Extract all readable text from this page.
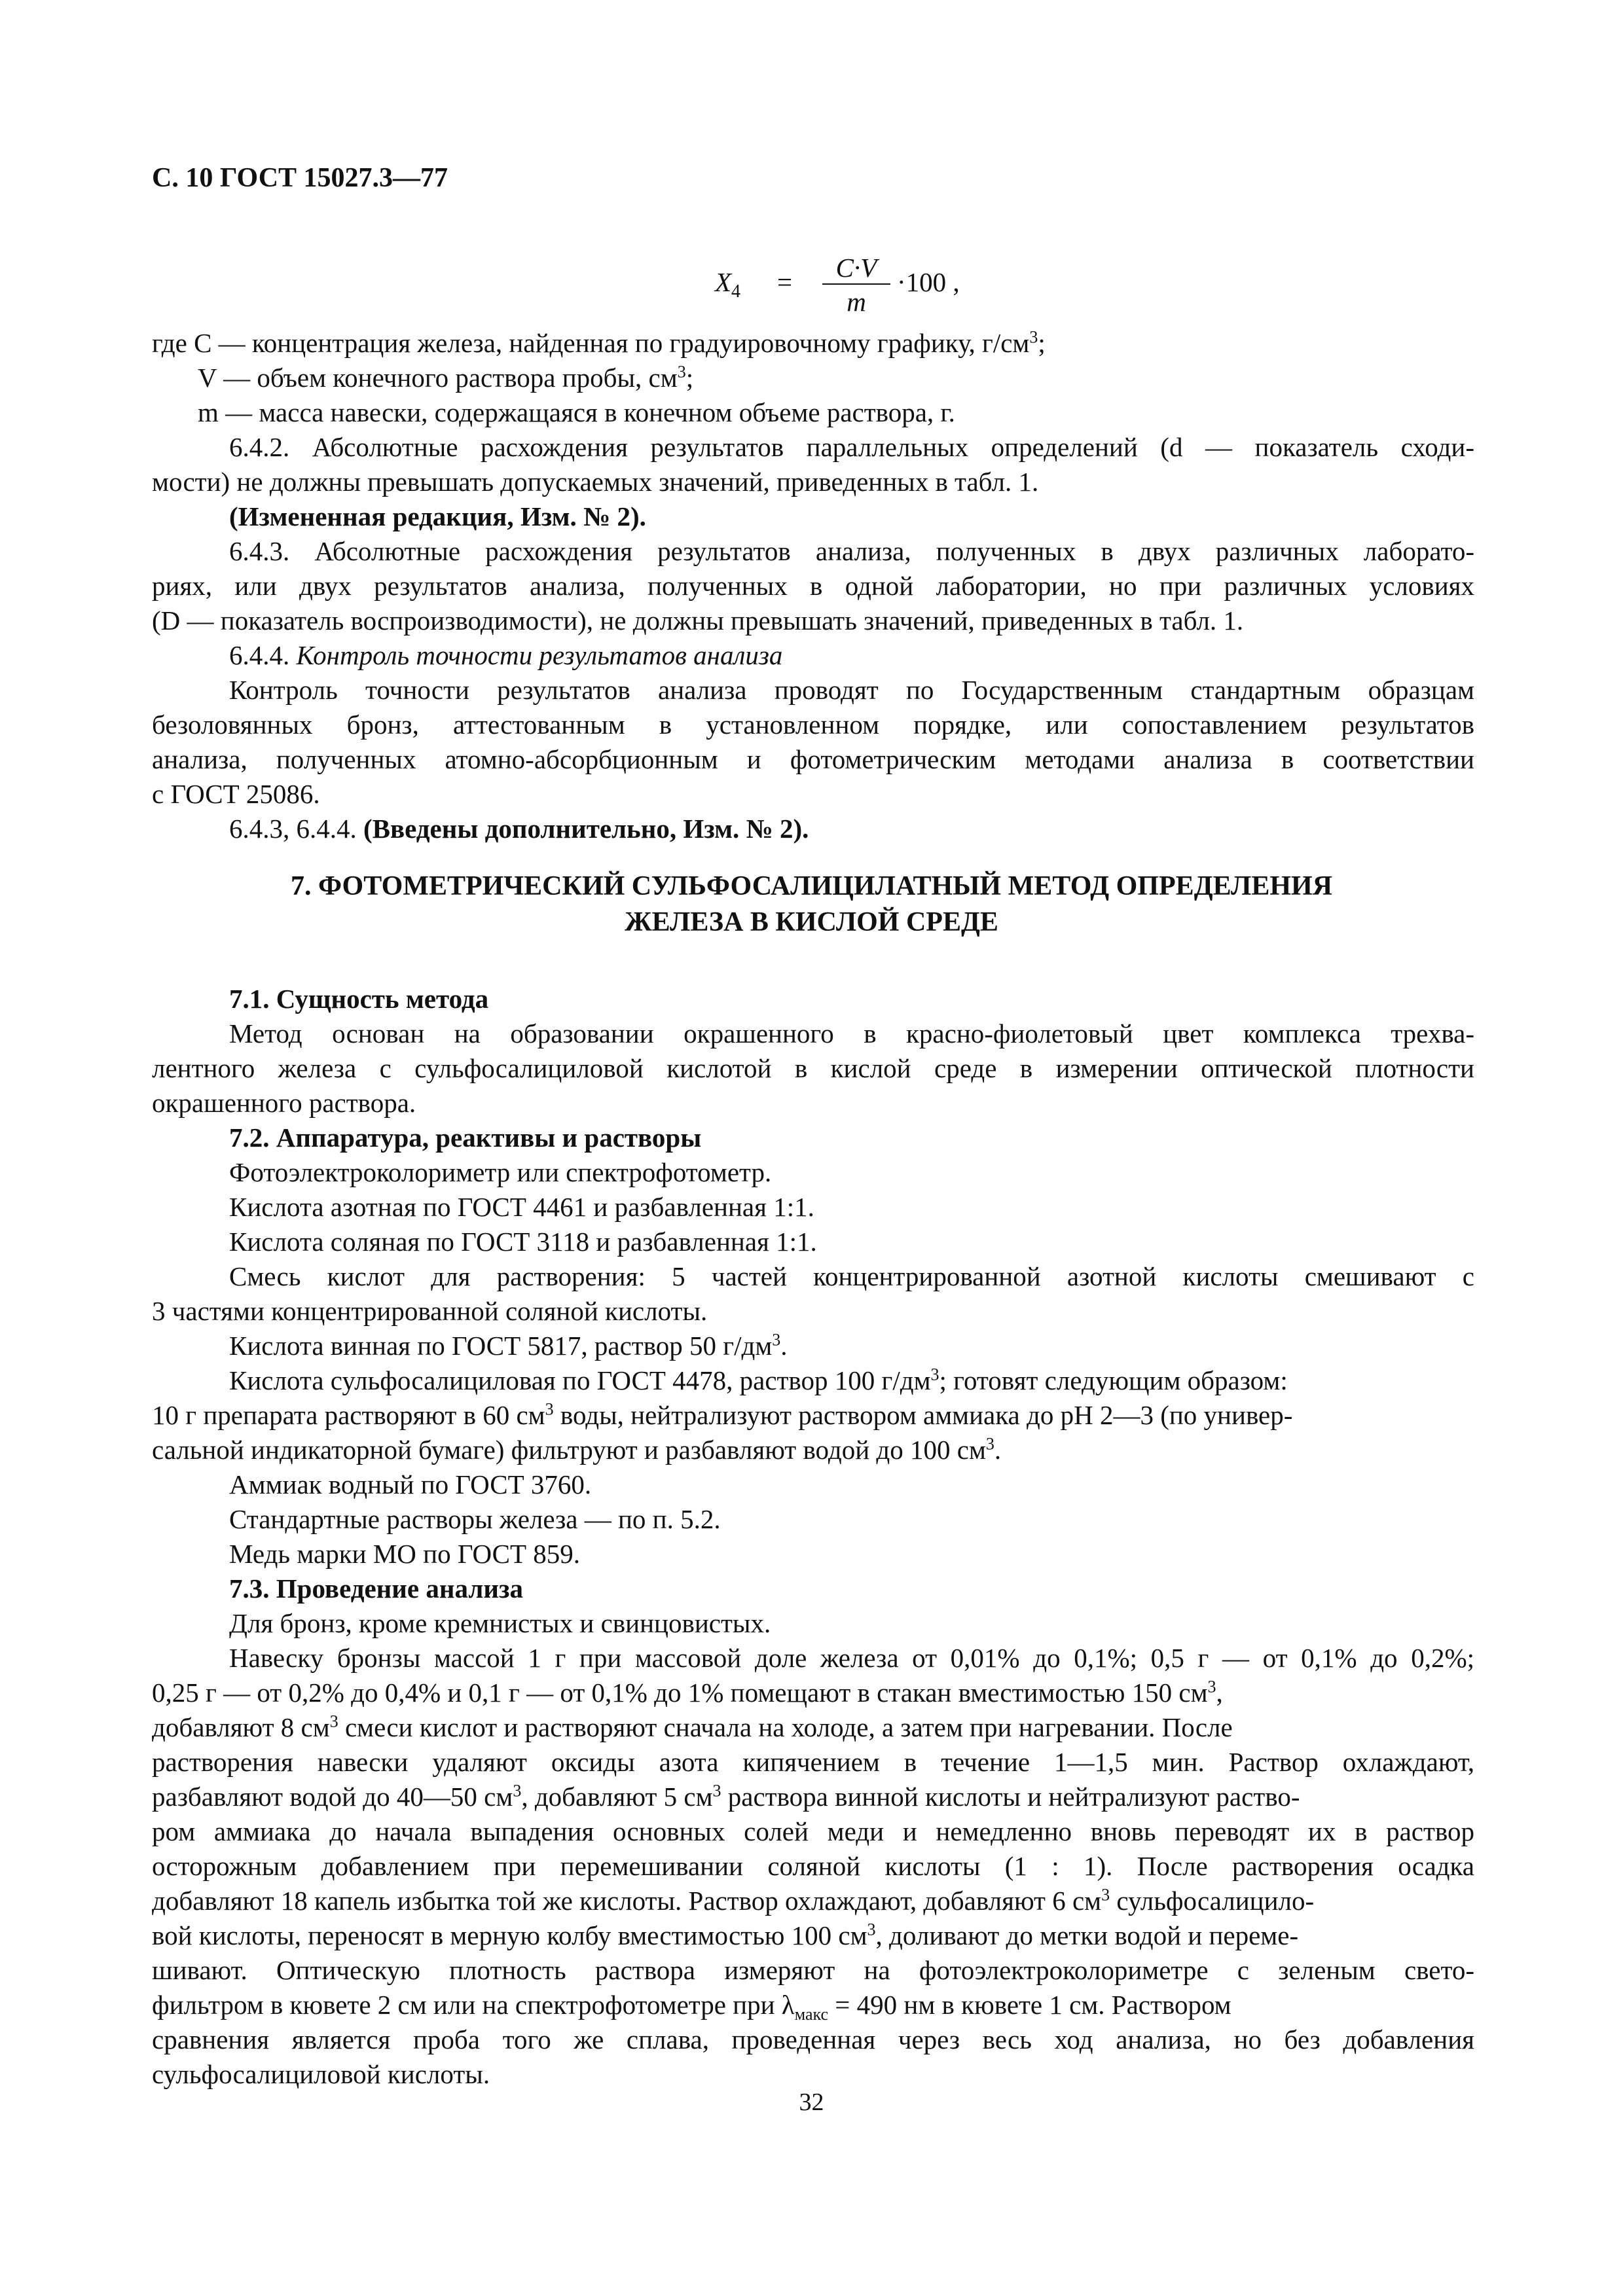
С. 10 ГОСТ 15027.3—77
$X_4$ =	C·V
m
·100 ,
где С — концентрация железа, найденная по градуировочному графику, $г/см^3$;
V — объем конечного раствора пробы, $см^3$;
m — масса навески, содержащаяся в конечном объеме раствора, г.
6.4.2. Абсолютные расхождения результатов параллельных определений (d — показатель сходи-
мости) не должны превышать допускаемых значений, приведенных в табл. 1.
(Измененная редакция, Изм. № 2).
6.4.3. Абсолютные расхождения результатов анализа, полученных в двух различных лаборато-
риях, или двух результатов анализа, полученных в одной лаборатории, но при различных условиях
(D — показатель воспроизводимости), не должны превышать значений, приведенных в табл. 1.
6.4.4. Контроль точности результатов анализа
Контроль точности результатов анализа проводят по Государственным стандартным образцам
безоловянных бронз, аттестованным в установленном порядке, или сопоставлением результатов
анализа, полученных атомно-абсорбционным и фотометрическим методами анализа в соответствии
с ГОСТ 25086.
6.4.3, 6.4.4. (Введены дополнительно, Изм. № 2).
7. ФОТОМЕТРИЧЕСКИЙ СУЛЬФОСАЛИЦИЛАТНЫЙ МЕТОД ОПРЕДЕЛЕНИЯ
ЖЕЛЕЗА В КИСЛОЙ СРЕДЕ
7.1. Сущность метода
Метод основан на образовании окрашенного в красно-фиолетовый цвет комплекса трехва-
лентного железа с сульфосалициловой кислотой в кислой среде в измерении оптической плотности
окрашенного раствора.
7.2. Аппаратура, реактивы и растворы
Фотоэлектроколориметр или спектрофотометр.
Кислота азотная по ГОСТ 4461 и разбавленная 1:1.
Кислота соляная по ГОСТ 3118 и разбавленная 1:1.
Смесь кислот для растворения: 5 частей концентрированной азотной кислоты смешивают с
3 частями концентрированной соляной кислоты.
Кислота винная по ГОСТ 5817, раствор 50 $г/дм^3$.
Кислота сульфосалициловая по ГОСТ 4478, раствор 100 $г/дм^3$; готовят следующим образом:
10 г препарата растворяют в 60 $см^3$ воды, нейтрализуют раствором аммиака до рН 2—3 (по универ-
сальной индикаторной бумаге) фильтруют и разбавляют водой до 100 $см^3$.
Аммиак водный по ГОСТ 3760.
Стандартные растворы железа — по п. 5.2.
Медь марки МО по ГОСТ 859.
7.3. Проведение анализа
Для бронз, кроме кремнистых и свинцовистых.
Навеску бронзы массой 1 г при массовой доле железа от 0,01% до 0,1%; 0,5 г — от 0,1% до 0,2%;
0,25 г — от 0,2% до 0,4% и 0,1 г — от 0,1% до 1% помещают в стакан вместимостью 150 $см^3$,
добавляют 8 $см^3$ смеси кислот и растворяют сначала на холоде, а затем при нагревании. После
растворения навески удаляют оксиды азота кипячением в течение 1—1,5 мин. Раствор охлаждают,
разбавляют водой до 40—50 $см^3$, добавляют 5 $см^3$ раствора винной кислоты и нейтрализуют раство-
ром аммиака до начала выпадения основных солей меди и немедленно вновь переводят их в раствор
осторожным добавлением при перемешивании соляной кислоты (1 : 1). После растворения осадка
добавляют 18 капель избытка той же кислоты. Раствор охлаждают, добавляют 6 $см^3$ сульфосалицило-
вой кислоты, переносят в мерную колбу вместимостью 100 $см^3$, доливают до метки водой и переме-
шивают. Оптическую плотность раствора измеряют на фотоэлектроколориметре с зеленым свето-
фильтром в кювете 2 см или на спектрофотометре при $\lambda_{макс} = 490$ нм в кювете 1 см. Раствором
сравнения является проба того же сплава, проведенная через весь ход анализа, но без добавления
сульфосалициловой кислоты.
32
